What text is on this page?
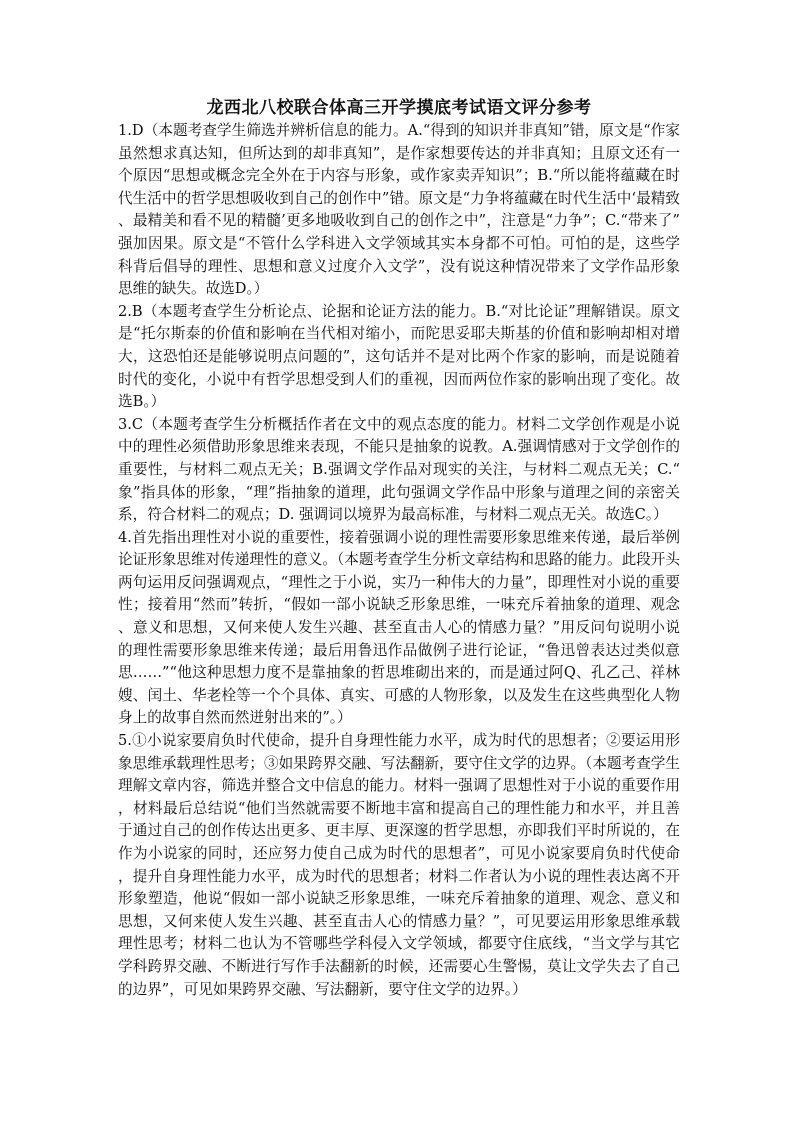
龙西北八校联合体高三开学摸底考试语文评分参考

1.D（本题考查学生筛选并辨析信息的能力。A.“得到的知识并非真知”错，原文是“作家虽然想求真达知，但所达到的却非真知”，是作家想要传达的并非真知；且原文还有一个原因“思想或概念完全外在于内容与形象，或作家卖弄知识”；B.“所以能将蕴藏在时代生活中的哲学思想吸收到自己的创作中”错。原文是“力争将蕴藏在时代生活中‘最精致、最精美和看不见的精髓’更多地吸收到自己的创作之中”，注意是“力争”；C.“带来了”强加因果。原文是“不管什么学科进入文学领域其实本身都不可怕。可怕的是，这些学科背后倡导的理性、思想和意义过度介入文学”，没有说这种情况带来了文学作品形象思维的缺失。故选D。）

2.B（本题考查学生分析论点、论据和论证方法的能力。B.“对比论证”理解错误。原文是“托尔斯泰的价值和影响在当代相对缩小，而陀思妥耶夫斯基的价值和影响却相对增大，这恐怕还是能够说明点问题的”，这句话并不是对比两个作家的影响，而是说随着时代的变化，小说中有哲学思想受到人们的重视，因而两位作家的影响出现了变化。故选B。）

3.C（本题考查学生分析概括作者在文中的观点态度的能力。材料二文学创作观是小说中的理性必须借助形象思维来表现，不能只是抽象的说教。A.强调情感对于文学创作的重要性，与材料二观点无关；B.强调文学作品对现实的关注，与材料二观点无关；C.“象”指具体的形象，“理”指抽象的道理，此句强调文学作品中形象与道理之间的亲密关系，符合材料二的观点；D. 强调词以境界为最高标准，与材料二观点无关。故选C。）

4.首先指出理性对小说的重要性，接着强调小说的理性需要形象思维来传递，最后举例论证形象思维对传递理性的意义。（本题考查学生分析文章结构和思路的能力。此段开头两句运用反问强调观点，“理性之于小说，实乃一种伟大的力量”，即理性对小说的重要性；接着用“然而”转折，“假如一部小说缺乏形象思维，一味充斥着抽象的道理、观念、意义和思想，又何来使人发生兴趣、甚至直击人心的情感力量？”用反问句说明小说的理性需要形象思维来传递；最后用鲁迅作品做例子进行论证，“鲁迅曾表达过类似意思……”“他这种思想力度不是靠抽象的哲思堆砌出来的，而是通过阿Q、孔乙己、祥林嫂、闰土、华老栓等一个个具体、真实、可感的人物形象，以及发生在这些典型化人物身上的故事自然而然迸射出来的”。）

5.①小说家要肩负时代使命，提升自身理性能力水平，成为时代的思想者；②要运用形象思维承载理性思考；③如果跨界交融、写法翻新，要守住文学的边界。（本题考查学生理解文章内容，筛选并整合文中信息的能力。材料一强调了思想性对于小说的重要作用，材料最后总结说“他们当然就需要不断地丰富和提高自己的理性能力和水平，并且善于通过自己的创作传达出更多、更丰厚、更深邃的哲学思想，亦即我们平时所说的，在作为小说家的同时，还应努力使自己成为时代的思想者”，可见小说家要肩负时代使命，提升自身理性能力水平，成为时代的思想者；材料二作者认为小说的理性表达离不开形象塑造，他说“假如一部小说缺乏形象思维，一味充斥着抽象的道理、观念、意义和思想，又何来使人发生兴趣、甚至直击人心的情感力量？”，可见要运用形象思维承载理性思考；材料二也认为不管哪些学科侵入文学领域，都要守住底线，“当文学与其它学科跨界交融、不断进行写作手法翻新的时候，还需要心生警惕，莫让文学失去了自己的边界”，可见如果跨界交融、写法翻新，要守住文学的边界。）
